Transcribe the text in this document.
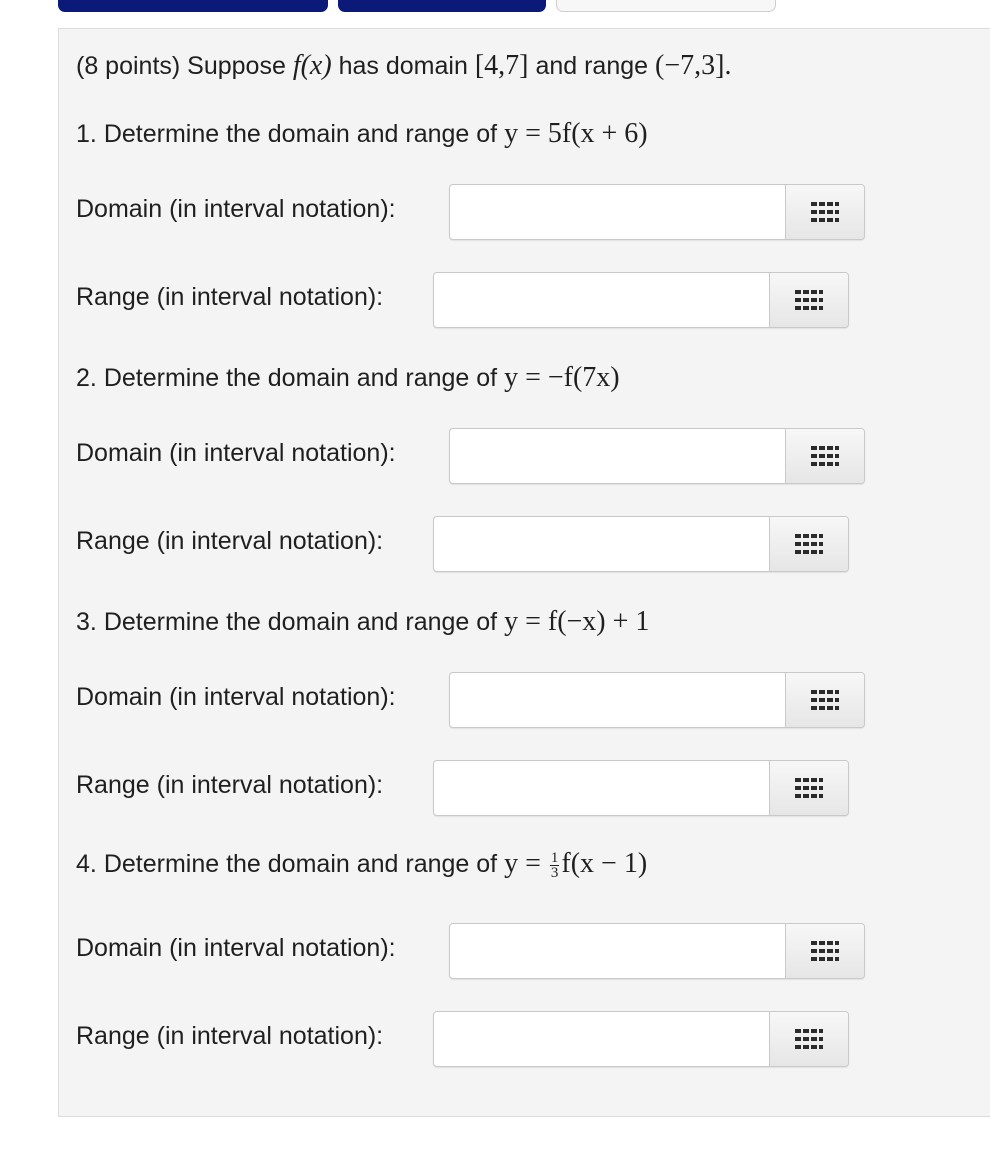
(8 points) Suppose f(x) has domain [4,7] and range (−7,3].
1. Determine the domain and range of y = 5f(x + 6)
Domain (in interval notation):
Range (in interval notation):
2. Determine the domain and range of y = −f(7x)
Domain (in interval notation):
Range (in interval notation):
3. Determine the domain and range of y = f(−x) + 1
Domain (in interval notation):
Range (in interval notation):
4. Determine the domain and range of $y = \frac{1}{3} f(x - 1)$
Domain (in interval notation):
Range (in interval notation):
